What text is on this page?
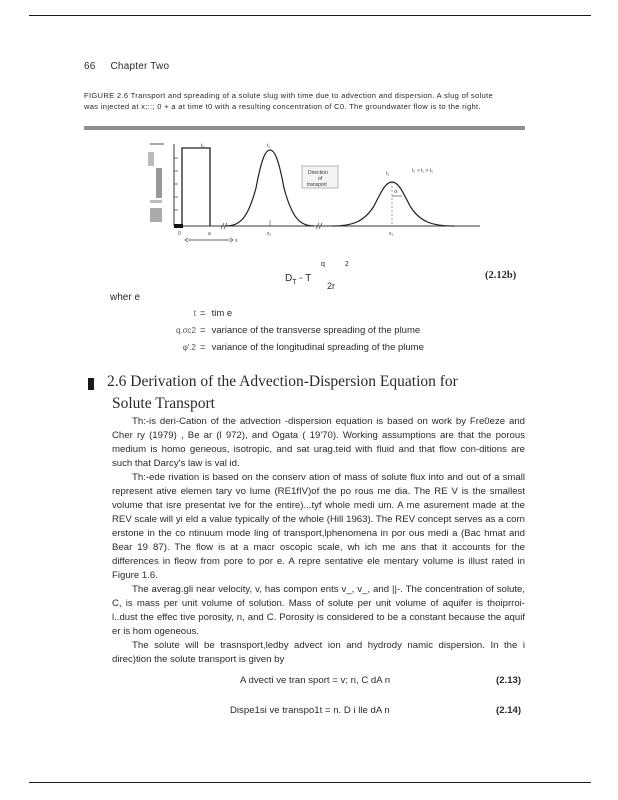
66 Chapter Two
FIGURE 2.6 Transport and spreading of a solute slug with time due to advection and dispersion. A slug of solute was injected at x;::; 0 + a at time t0 with a resulting concentration of C0. The groundwater flow is to the right.
t₀	t₁
t₂
σₗ
t₂ > t₁ > t₀
Direction
of
transport
0	a	x₁	x₂
x
q 2
$D_T$ - T
2r
(2.12b)
wher e
t = tim e
q.σc2 = variance of the transverse spreading of the plume
φ'.2 = variance of the longitudinal spreading of the plume
2.6 Derivation of the Advection-Dispersion Equation for
Solute Transport

Th:-is deri-Cation of the advection -dispersion equation is based on work by Fre0eze and Cher ry (1979) , Be ar (l 972), and Ogata ( 19'70). Working assumptions are that the porous medium is homo geneous, isotropic, and sat urag.teid with fluid and that flow con-ditions are such that Darcy's law is val id.

Th:-ede rivation is based on the conserv ation of mass of solute flux into and out of a small represent ative elemen tary vo lume (RE1fIV)of the po rous me dia. The RE V is the smallest volume that isre presentat ive for the entire)...tyf whole medi um. A me asurement made at the REV scale will yi eld a value typically of the whole (Hill 1963). The REV concept serves as a corn erstone in the co ntinuum mode ling of transport,lphenomena in por ous medi a (Bac hmat and Bear 19 87). The flow is at a macr oscopic scale, wh ich me ans that it accounts for the differences in fleow from pore to por e. A repre sentative ele mentary volume is illust rated in Figure 1.6.

The averag.gli near velocity, v, has compon ents v_, v_, and ||-. The concentration of solute, C, is mass per unit volume of solution. Mass of solute per unit volume of aquifer is thoiprroi-l..dust the effec tive porosity, n, and C. Porosity is considered to be a constant because the aquif er is hom ogeneous.

The solute will be trasnsport,ledby advect ion and hydrody namic dispersion. In the i direc)tion the solute transport is given by

A dvecti ve tran sport = v; n, C dA n	(2.13)
Dispe1si ve transpo1t = n. D i lle dA n	(2.14)
